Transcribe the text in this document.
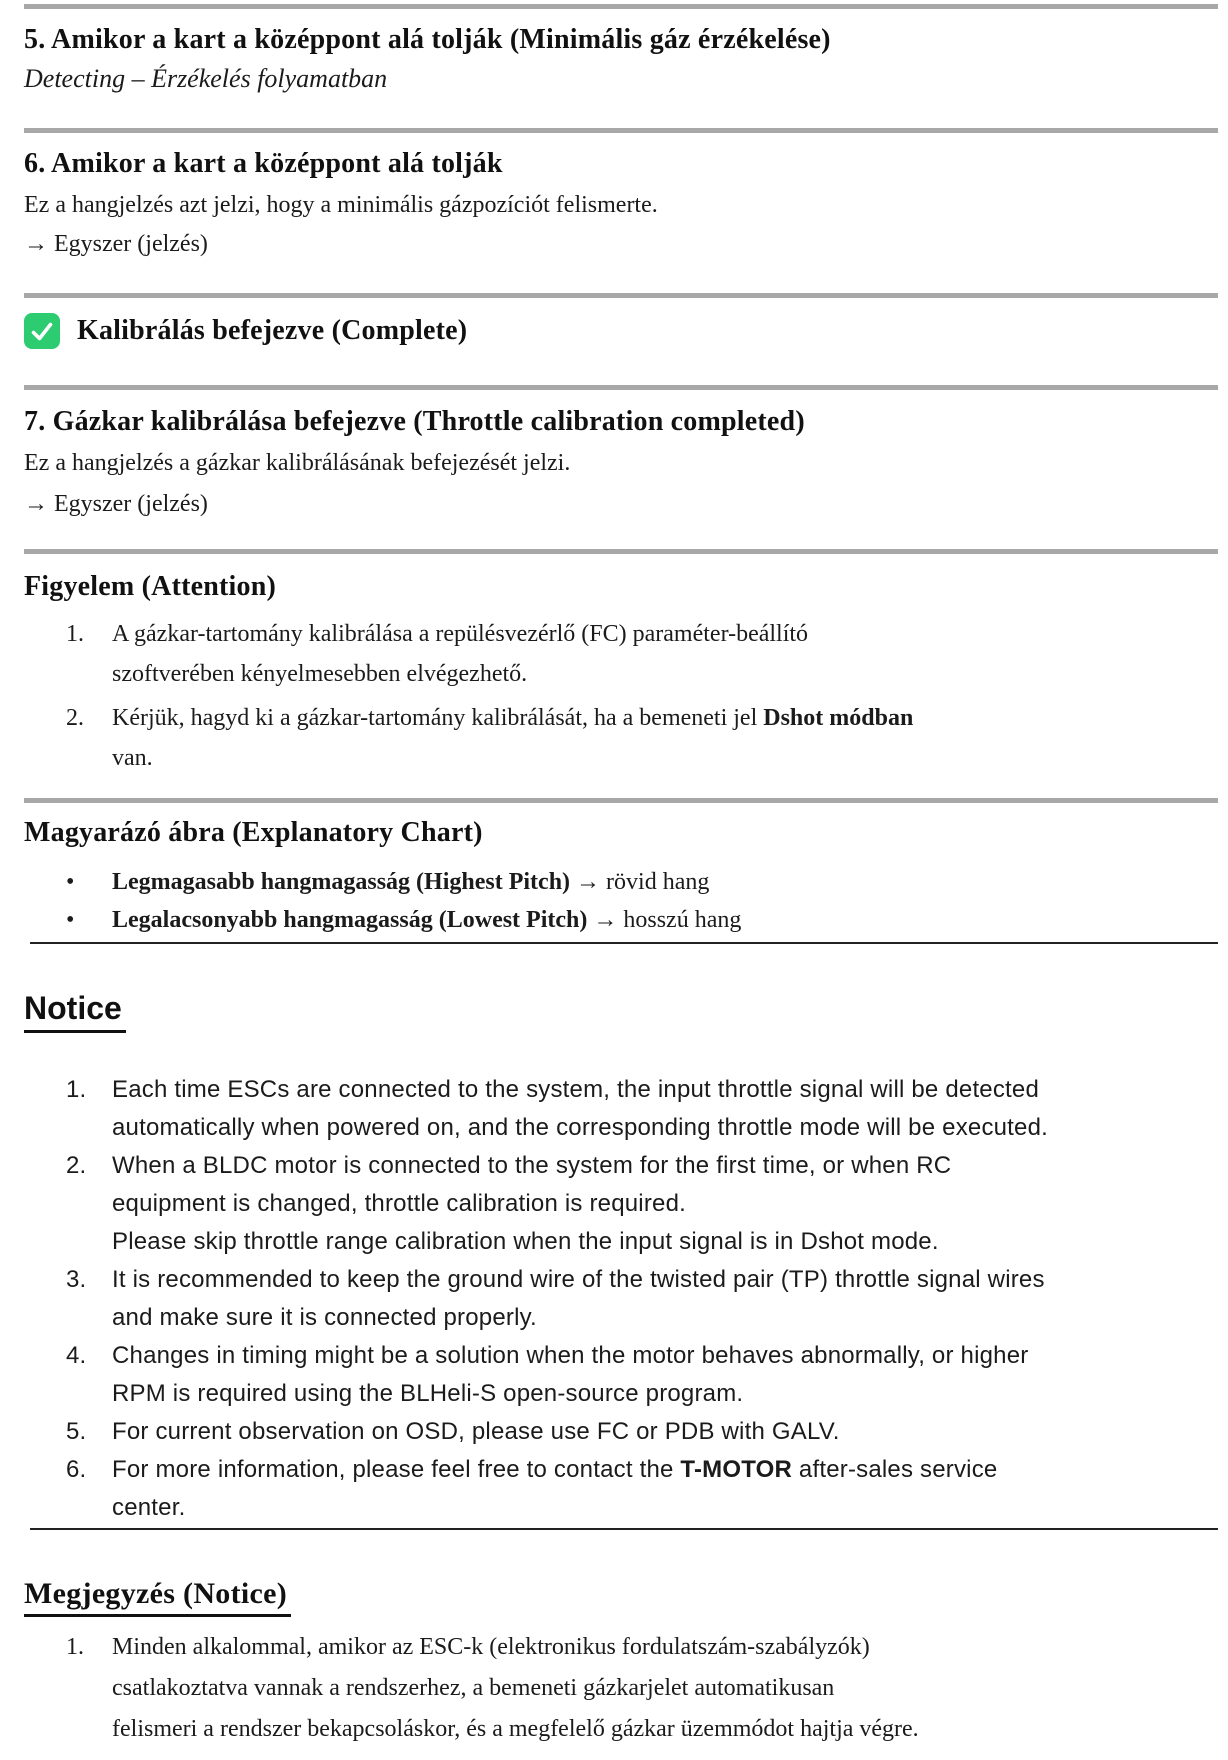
5. Amikor a kart a középpont alá tolják (Minimális gáz érzékelése)

Detecting – Érzékelés folyamatban

6. Amikor a kart a középpont alá tolják

Ez a hangjelzés azt jelzi, hogy a minimális gázpozíciót felismerte.

→ Egyszer (jelzés)

Kalibrálás befejezve (Complete)
7. Gázkar kalibrálása befejezve (Throttle calibration completed)

Ez a hangjelzés a gázkar kalibrálásának befejezését jelzi.

→ Egyszer (jelzés)

Figyelem (Attention)
1.	A gázkar-tartomány kalibrálása a repülésvezérlő (FC) paraméter-beállító
szoftverében kényelmesebben elvégezhető.
2.	Kérjük, hagyd ki a gázkar-tartomány kalibrálását, ha a bemeneti jel Dshot módban
van.
Magyarázó ábra (Explanatory Chart)
•	Legmagasabb hangmagasság (Highest Pitch) → rövid hang
•	Legalacsonyabb hangmagasság (Lowest Pitch) → hosszú hang
Notice
1.	Each time ESCs are connected to the system, the input throttle signal will be detected
automatically when powered on, and the corresponding throttle mode will be executed.
2.	When a BLDC motor is connected to the system for the first time, or when RC
equipment is changed, throttle calibration is required.
Please skip throttle range calibration when the input signal is in Dshot mode.
3.	It is recommended to keep the ground wire of the twisted pair (TP) throttle signal wires
and make sure it is connected properly.
4.	Changes in timing might be a solution when the motor behaves abnormally, or higher
RPM is required using the BLHeli-S open-source program.
5.	For current observation on OSD, please use FC or PDB with GALV.
6.	For more information, please feel free to contact the T-MOTOR after-sales service
center.
Megjegyzés (Notice)
1.	Minden alkalommal, amikor az ESC-k (elektronikus fordulatszám-szabályzók)
csatlakoztatva vannak a rendszerhez, a bemeneti gázkarjelet automatikusan
felismeri a rendszer bekapcsoláskor, és a megfelelő gázkar üzemmódot hajtja végre.
